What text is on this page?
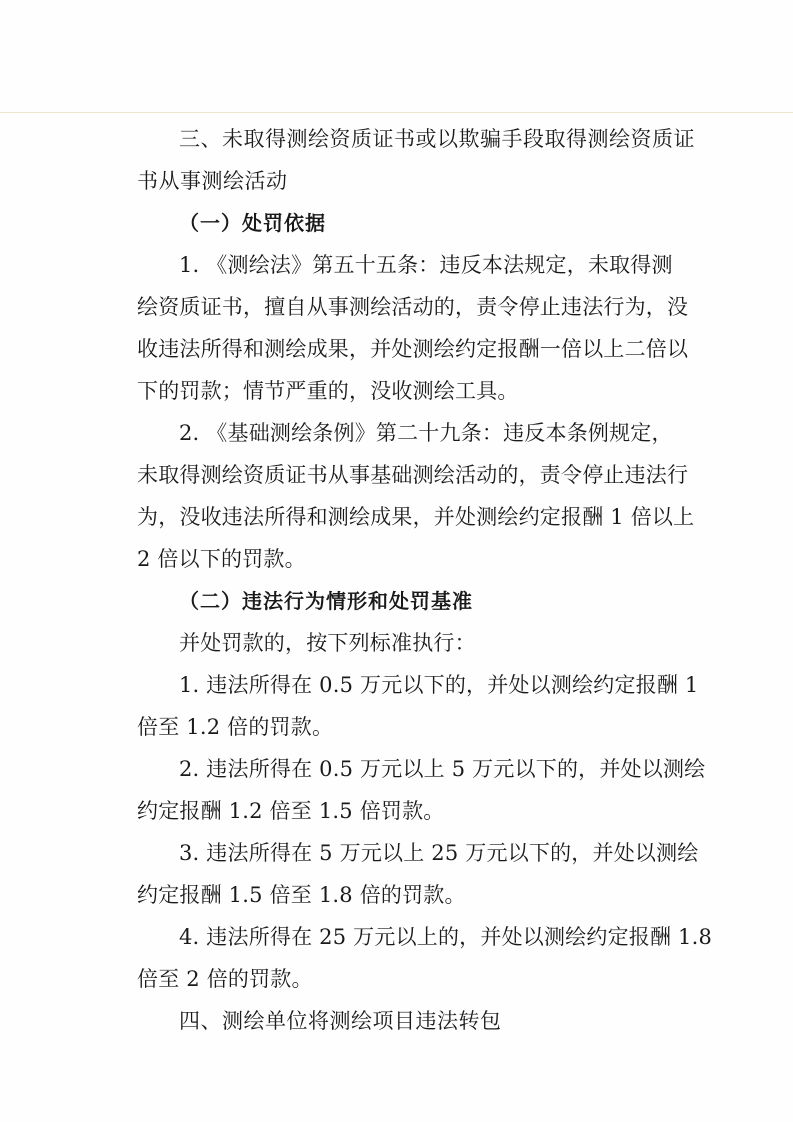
三、未取得测绘资质证书或以欺骗手段取得测绘资质证
书从事测绘活动
（一）处罚依据
1. 《测绘法》第五十五条：违反本法规定，未取得测
绘资质证书，擅自从事测绘活动的，责令停止违法行为，没
收违法所得和测绘成果，并处测绘约定报酬一倍以上二倍以
下的罚款；情节严重的，没收测绘工具。
2. 《基础测绘条例》第二十九条：违反本条例规定，
未取得测绘资质证书从事基础测绘活动的，责令停止违法行
为，没收违法所得和测绘成果，并处测绘约定报酬 1 倍以上
2 倍以下的罚款。
（二）违法行为情形和处罚基准
并处罚款的，按下列标准执行：
1. 违法所得在 0.5 万元以下的，并处以测绘约定报酬 1
倍至 1.2 倍的罚款。
2. 违法所得在 0.5 万元以上 5 万元以下的，并处以测绘
约定报酬 1.2 倍至 1.5 倍罚款。
3. 违法所得在 5 万元以上 25 万元以下的，并处以测绘
约定报酬 1.5 倍至 1.8 倍的罚款。
4. 违法所得在 25 万元以上的，并处以测绘约定报酬 1.8
倍至 2 倍的罚款。
四、测绘单位将测绘项目违法转包
